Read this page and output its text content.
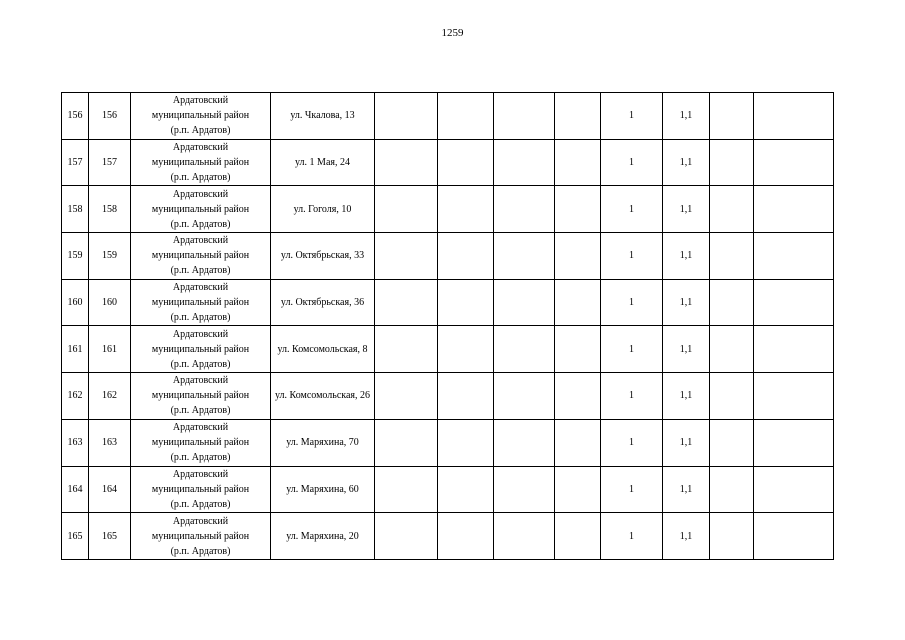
1259
156	156	Ардатовский
муниципальный район
(р.п. Ардатов)	ул. Чкалова, 13					1	1,1		
157	157	Ардатовский
муниципальный район
(р.п. Ардатов)	ул. 1 Мая, 24					1	1,1		
158	158	Ардатовский
муниципальный район
(р.п. Ардатов)	ул. Гоголя, 10					1	1,1		
159	159	Ардатовский
муниципальный район
(р.п. Ардатов)	ул. Октябрьская, 33					1	1,1		
160	160	Ардатовский
муниципальный район
(р.п. Ардатов)	ул. Октябрьская, 36					1	1,1		
161	161	Ардатовский
муниципальный район
(р.п. Ардатов)	ул. Комсомольская, 8					1	1,1		
162	162	Ардатовский
муниципальный район
(р.п. Ардатов)	ул. Комсомольская, 26					1	1,1		
163	163	Ардатовский
муниципальный район
(р.п. Ардатов)	ул. Маряхина, 70					1	1,1		
164	164	Ардатовский
муниципальный район
(р.п. Ардатов)	ул. Маряхина, 60					1	1,1		
165	165	Ардатовский
муниципальный район
(р.п. Ардатов)	ул. Маряхина, 20					1	1,1		
